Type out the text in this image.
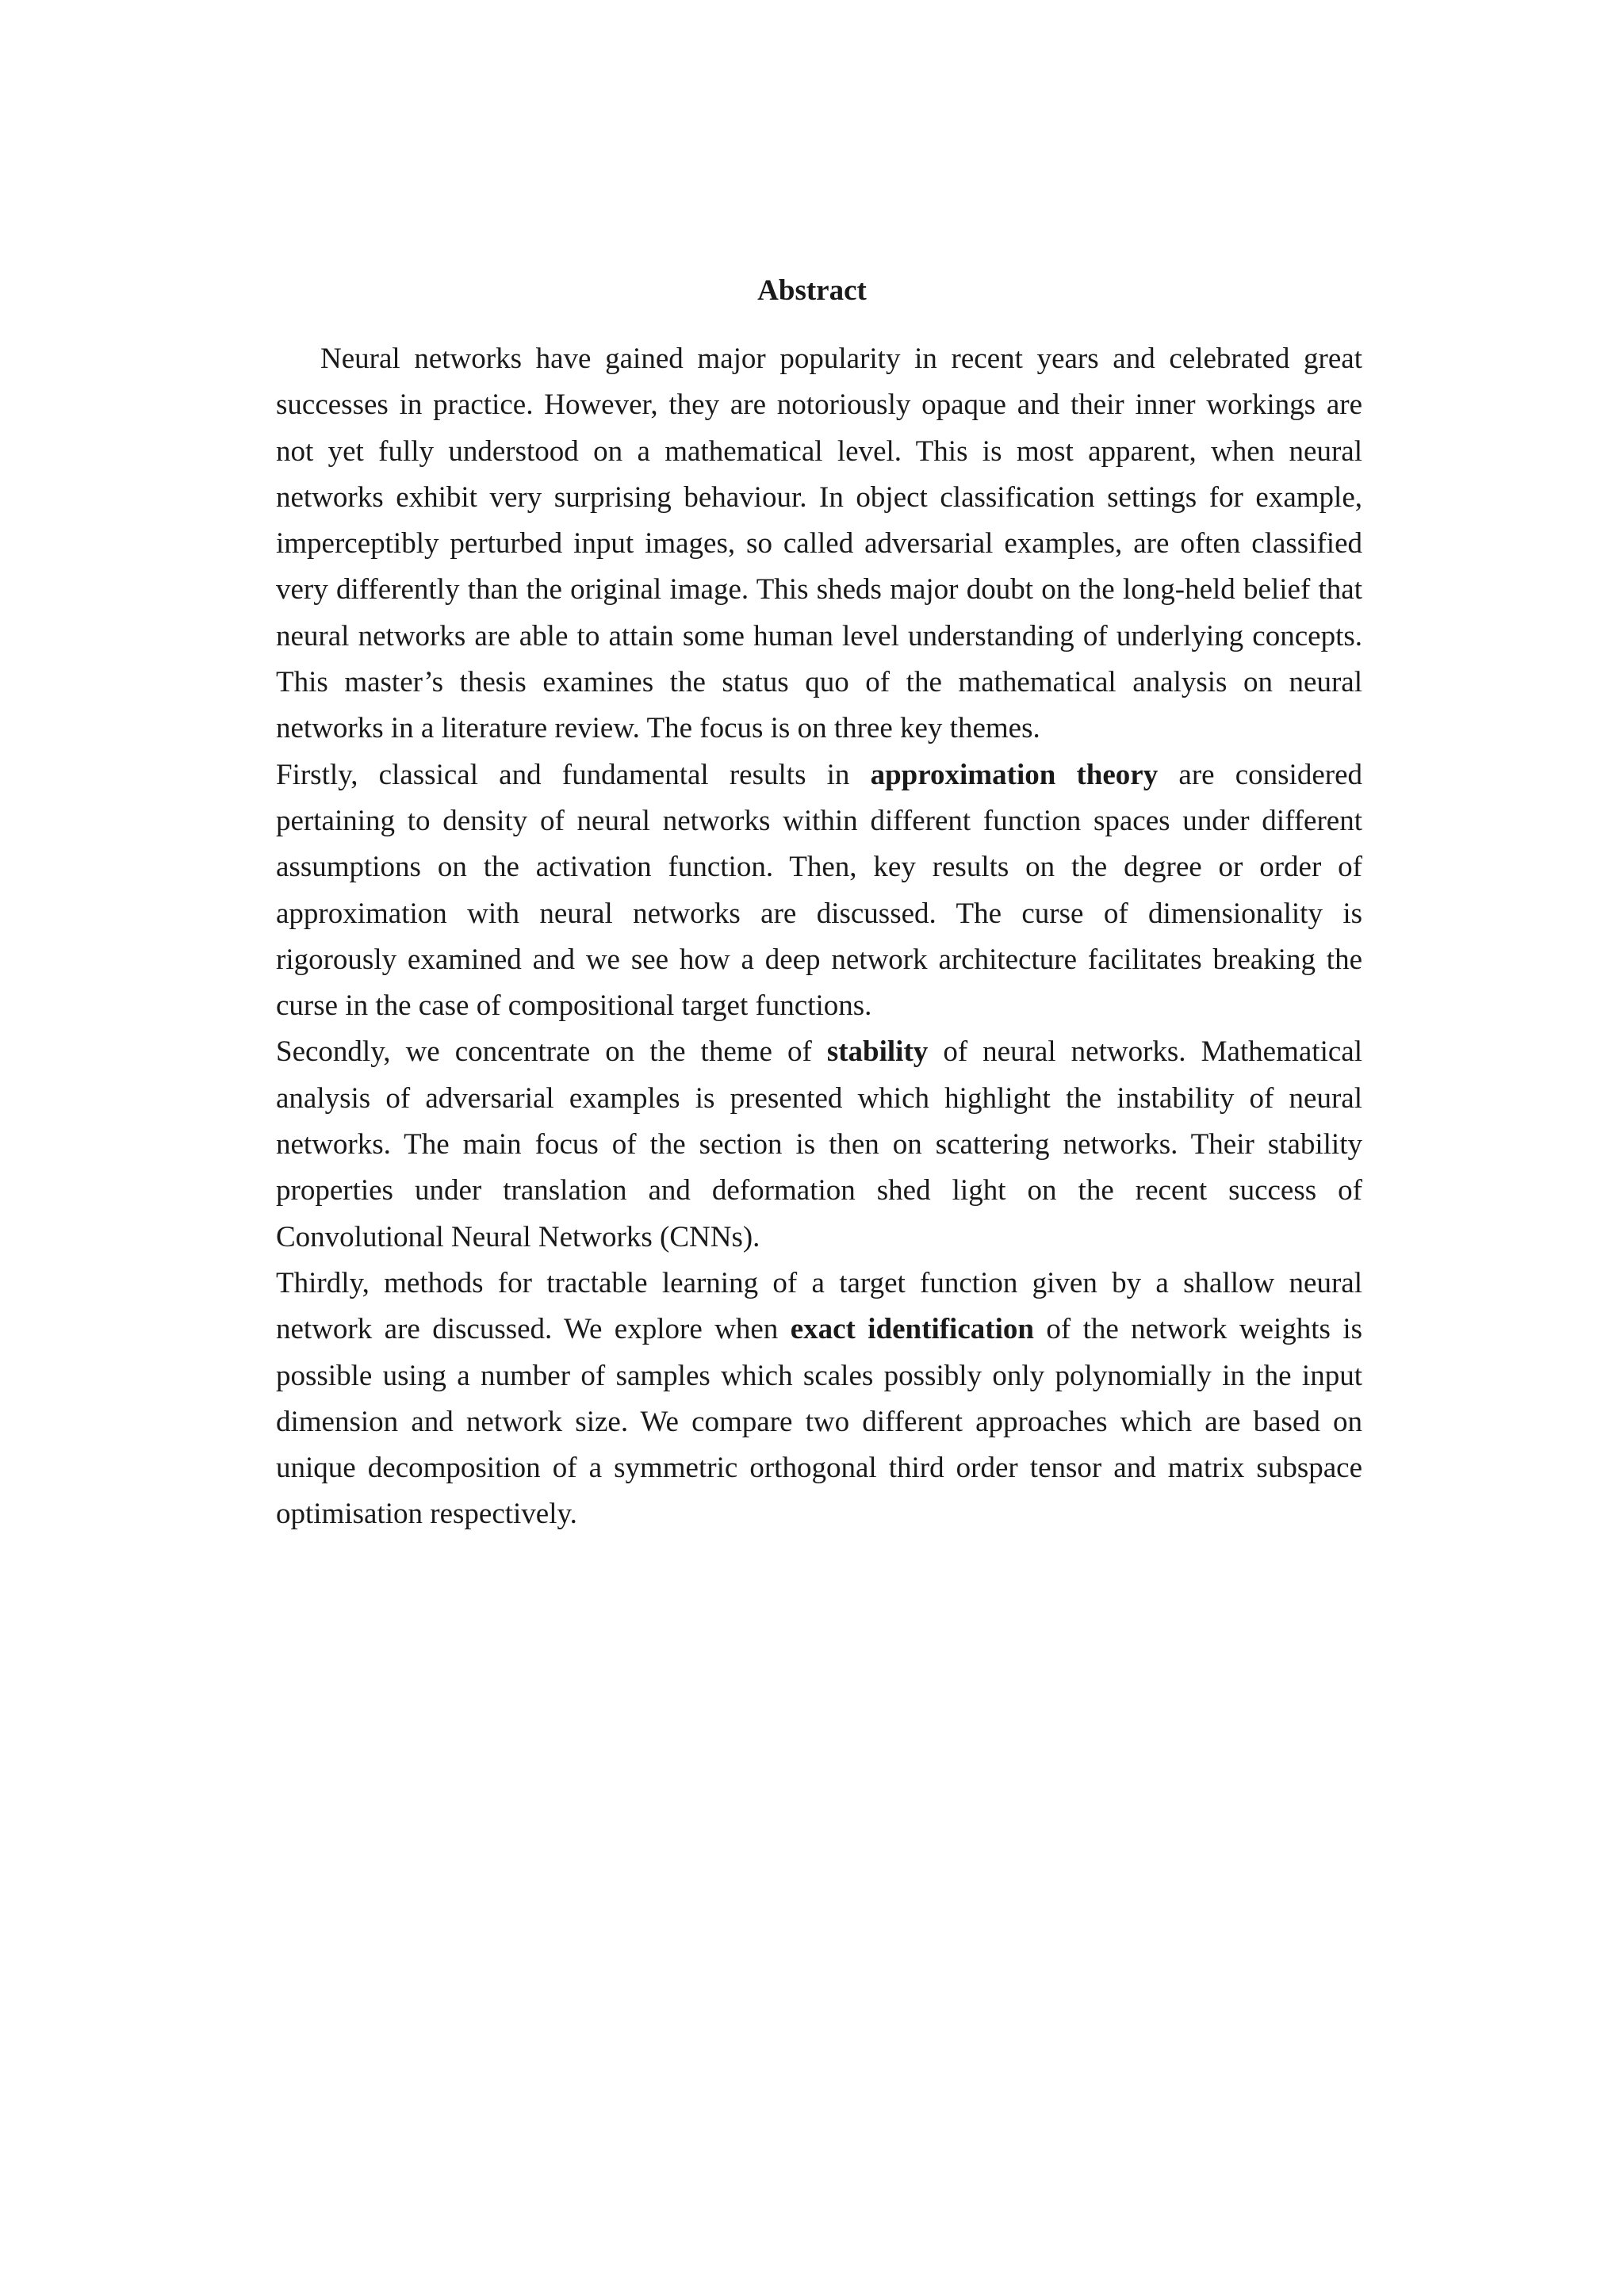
Abstract

Neural networks have gained major popularity in recent years and celebrated great successes in practice. However, they are notoriously opaque and their inner workings are not yet fully understood on a mathematical level. This is most apparent, when neural networks exhibit very surprising behaviour. In object classification settings for example, imperceptibly perturbed input images, so called adversarial examples, are often classified very differently than the original image. This sheds major doubt on the long-held belief that neural networks are able to attain some human level understanding of underlying concepts. This master’s thesis examines the status quo of the mathematical analysis on neural networks in a literature review. The focus is on three key themes.

Firstly, classical and fundamental results in approximation theory are considered pertaining to density of neural networks within different function spaces under different assumptions on the activation function. Then, key results on the degree or order of approximation with neural networks are discussed. The curse of dimensionality is rigorously examined and we see how a deep network architecture facilitates breaking the curse in the case of compositional target functions.

Secondly, we concentrate on the theme of stability of neural networks. Mathematical analysis of adversarial examples is presented which highlight the instability of neural networks. The main focus of the section is then on scattering networks. Their stability properties under translation and deformation shed light on the recent success of Convolutional Neural Networks (CNNs).

Thirdly, methods for tractable learning of a target function given by a shallow neural network are discussed. We explore when exact identification of the network weights is possible using a number of samples which scales possibly only polynomially in the input dimension and network size. We compare two different approaches which are based on unique decomposition of a symmetric orthogonal third order tensor and matrix subspace optimisation respectively.
